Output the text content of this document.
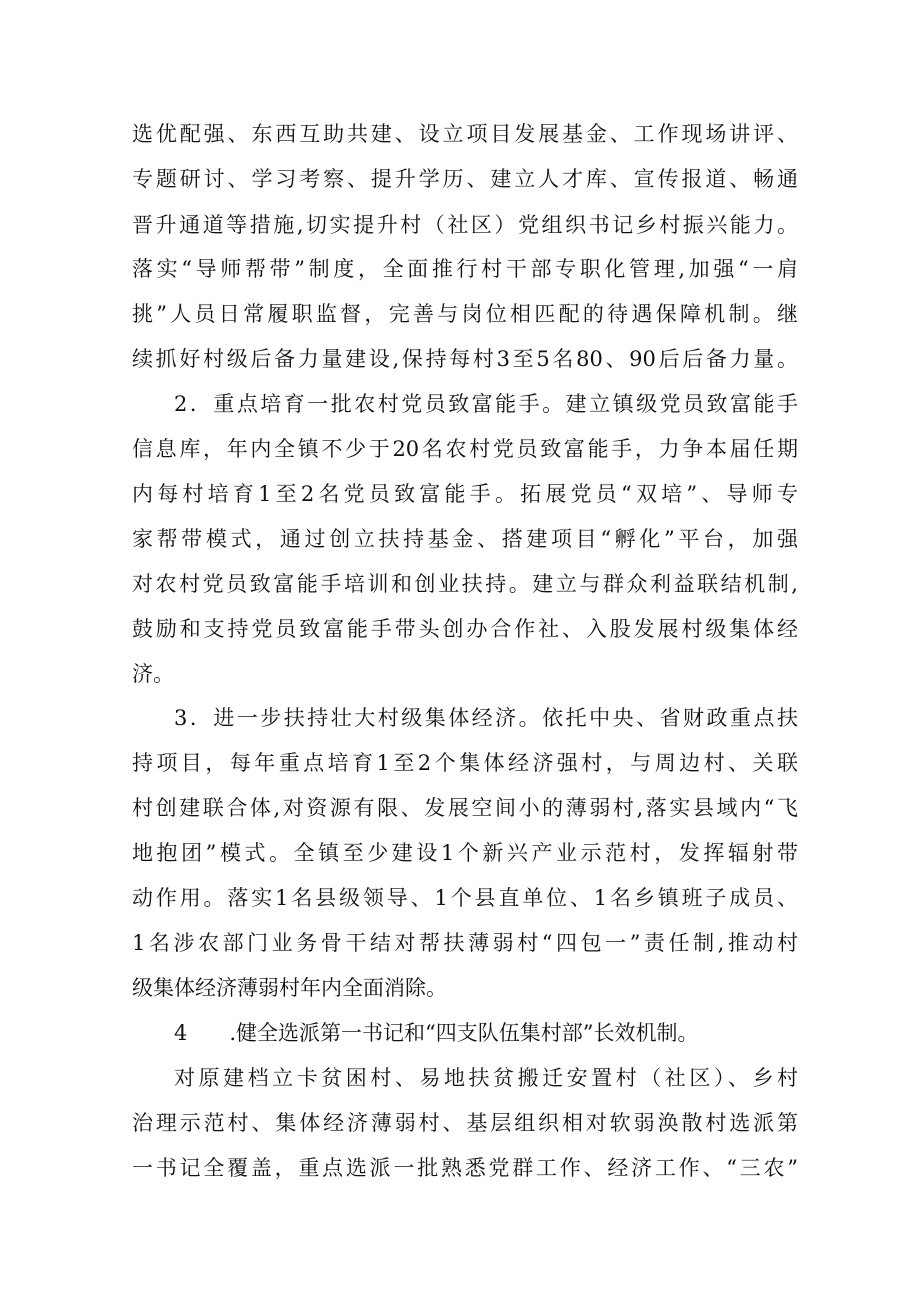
选优配强、东西互助共建、设立项目发展基金、工作现场讲评、
专题研讨、学习考察、提升学历、建立人才库、宣传报道、畅通
晋升通道等措施,切实提升村（社区）党组织书记乡村振兴能力。
落实“导师帮带”制度，全面推行村干部专职化管理,加强“一肩
挑”人员日常履职监督，完善与岗位相匹配的待遇保障机制。继
续抓好村级后备力量建设,保持每村3至5名80、90后后备力量。
2．重点培育一批农村党员致富能手。建立镇级党员致富能手
信息库，年内全镇不少于20名农村党员致富能手，力争本届任期
内每村培育1至2名党员致富能手。拓展党员“双培”、导师专
家帮带模式，通过创立扶持基金、搭建项目“孵化”平台，加强
对农村党员致富能手培训和创业扶持。建立与群众利益联结机制,
鼓励和支持党员致富能手带头创办合作社、入股发展村级集体经
济。
3．进一步扶持壮大村级集体经济。依托中央、省财政重点扶
持项目，每年重点培育1至2个集体经济强村，与周边村、关联
村创建联合体,对资源有限、发展空间小的薄弱村,落实县域内“飞
地抱团”模式。全镇至少建设1个新兴产业示范村，发挥辐射带
动作用。落实1名县级领导、1个县直单位、1名乡镇班子成员、
1名涉农部门业务骨干结对帮扶薄弱村“四包一”责任制,推动村
级集体经济薄弱村年内全面消除。
4　　.健全选派第一书记和“四支队伍集村部”长效机制。
对原建档立卡贫困村、易地扶贫搬迁安置村（社区）、乡村
治理示范村、集体经济薄弱村、基层组织相对软弱涣散村选派第
一书记全覆盖，重点选派一批熟悉党群工作、经济工作、“三农”
